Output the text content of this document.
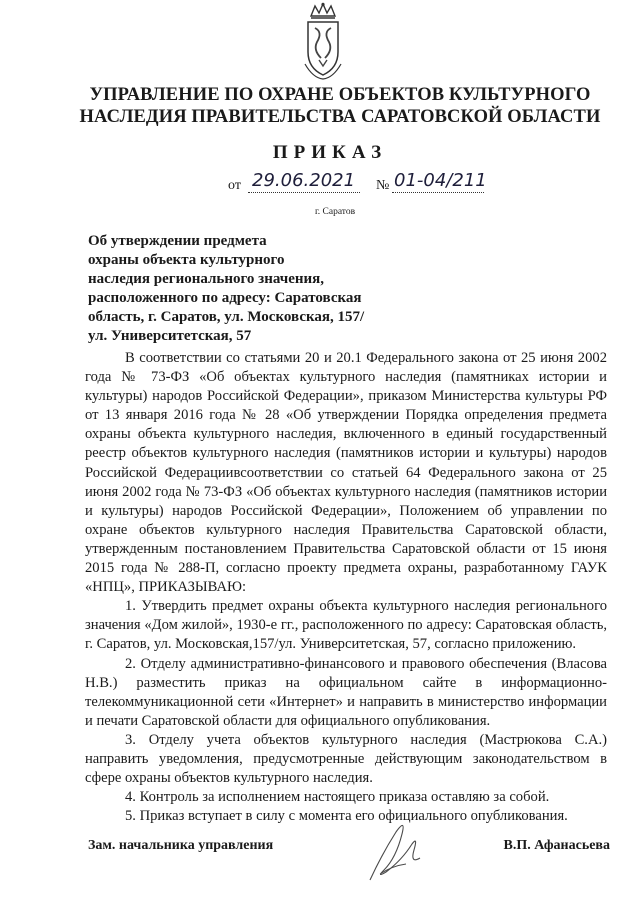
УПРАВЛЕНИЕ ПО ОХРАНЕ ОБЪЕКТОВ КУЛЬТУРНОГО
НАСЛЕДИЯ ПРАВИТЕЛЬСТВА САРАТОВСКОЙ ОБЛАСТИ
ПРИКАЗ
от 29.06.2021 № 01-04/211
г. Саратов
Об утверждении предмета
охраны объекта культурного
наследия регионального значения,
расположенного по адресу: Саратовская
область, г. Саратов, ул. Московская, 157/
ул. Университетская, 57

В соответствии со статьями 20 и 20.1 Федерального закона от 25 июня 2002 года № 73-ФЗ «Об объектах культурного наследия (памятниках истории и культуры) народов Российской Федерации», приказом Министерства культуры РФ от 13 января 2016 года № 28 «Об утверждении Порядка определения предмета охраны объекта культурного наследия, включенного в единый государственный реестр объектов культурного наследия (памятников истории и культуры) народов Российской Федерациивсоответствии со статьей 64 Федерального закона от 25 июня 2002 года № 73-ФЗ «Об объектах культурного наследия (памятников истории и культуры) народов Российской Федерации», Положением об управлении по охране объектов культурного наследия Правительства Саратовской области, утвержденным постановлением Правительства Саратовской области от 15 июня 2015 года № 288-П, согласно проекту предмета охраны, разработанному ГАУК «НПЦ», ПРИКАЗЫВАЮ:

1. Утвердить предмет охраны объекта культурного наследия регионального значения «Дом жилой», 1930-е гг., расположенного по адресу: Саратовская область, г. Саратов, ул. Московская,157/ул. Университетская, 57, согласно приложению.

2. Отделу административно-финансового и правового обеспечения (Власова Н.В.) разместить приказ на официальном сайте в информационно-телекоммуникационной сети «Интернет» и направить в министерство информации и печати Саратовской области для официального опубликования.

3. Отделу учета объектов культурного наследия (Мастрюкова С.А.) направить уведомления, предусмотренные действующим законодательством в сфере охраны объектов культурного наследия.

4. Контроль за исполнением настоящего приказа оставляю за собой.

5. Приказ вступает в силу с момента его официального опубликования.

Зам. начальника управления	В.П. Афанасьева
